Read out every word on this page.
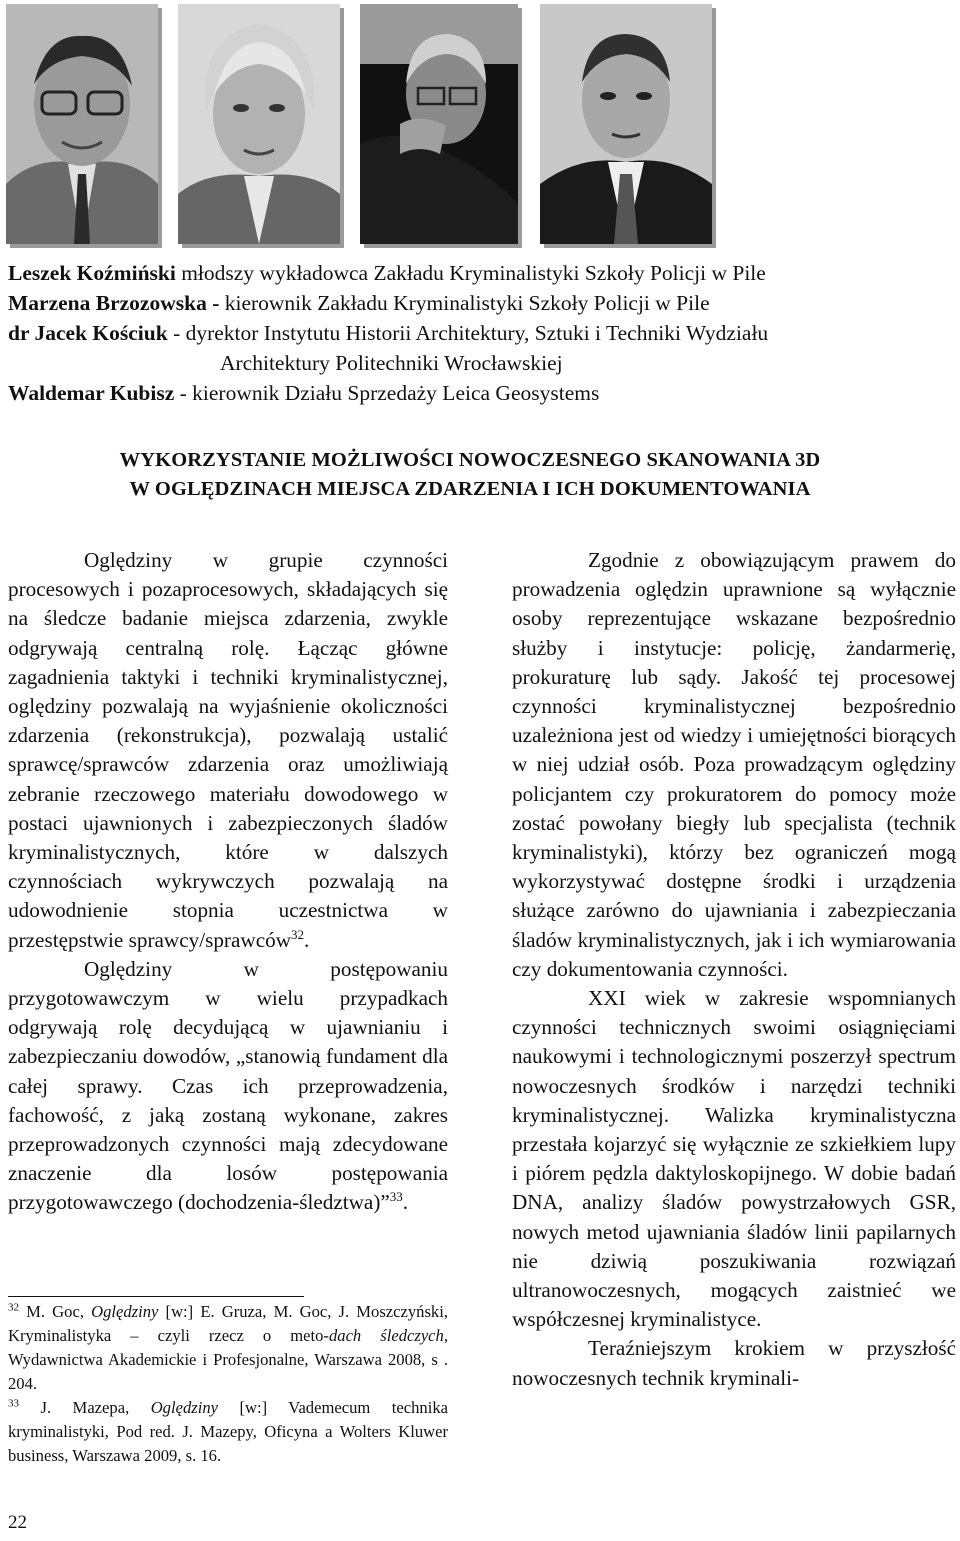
Leszek Koźmiński młodszy wykładowca Zakładu Kryminalistyki Szkoły Policji w Pile

Marzena Brzozowska - kierownik Zakładu Kryminalistyki Szkoły Policji w Pile

dr Jacek Kościuk - dyrektor Instytutu Historii Architektury, Sztuki i Techniki Wydziału

Architektury Politechniki Wrocławskiej

Waldemar Kubisz - kierownik Działu Sprzedaży Leica Geosystems

WYKORZYSTANIE MOŻLIWOŚCI NOWOCZESNEGO SKANOWANIA 3D
W OGLĘDZINACH MIEJSCA ZDARZENIA I ICH DOKUMENTOWANIA

Oględziny w grupie czynności procesowych i pozaprocesowych, składających się na śledcze badanie miejsca zdarzenia, zwykle odgrywają centralną rolę. Łącząc główne zagadnienia taktyki i techniki kryminalistycznej, oględziny pozwalają na wyjaśnienie okoliczności zdarzenia (rekonstrukcja), pozwalają ustalić sprawcę/sprawców zdarzenia oraz umożliwiają zebranie rzeczowego materiału dowodowego w postaci ujawnionych i zabezpieczonych śladów kryminalistycznych, które w dalszych czynnościach wykrywczych pozwalają na udowodnienie stopnia uczestnictwa w przestępstwie sprawcy/sprawców$^{32}$.

Oględziny w postępowaniu przygotowawczym w wielu przypadkach odgrywają rolę decydującą w ujawnianiu i zabezpieczaniu dowodów, „stanowią fundament dla całej sprawy. Czas ich przeprowadzenia, fachowość, z jaką zostaną wykonane, zakres przeprowadzonych czynności mają zdecydowane znaczenie dla losów postępowania przygotowawczego (dochodzenia-śledztwa)”$^{33}$.

$^{32}$ M. Goc, Oględziny [w:] E. Gruza, M. Goc, J. Moszczyński, Kryminalistyka – czyli rzecz o meto-dach śledczych, Wydawnictwa Akademickie i Profesjonalne, Warszawa 2008, s . 204.

$^{33}$ J. Mazepa, Oględziny [w:] Vademecum technika kryminalistyki, Pod red. J. Mazepy, Oficyna a Wolters Kluwer business, Warszawa 2009, s. 16.

Zgodnie z obowiązującym prawem do prowadzenia oględzin uprawnione są wyłącznie osoby reprezentujące wskazane bezpośrednio służby i instytucje: policję, żandarmerię, prokuraturę lub sądy. Jakość tej procesowej czynności kryminalistycznej bezpośrednio uzależniona jest od wiedzy i umiejętności biorących w niej udział osób. Poza prowadzącym oględziny policjantem czy prokuratorem do pomocy może zostać powołany biegły lub specjalista (technik kryminalistyki), którzy bez ograniczeń mogą wykorzystywać dostępne środki i urządzenia służące zarówno do ujawniania i zabezpieczania śladów kryminalistycznych, jak i ich wymiarowania czy dokumentowania czynności.

XXI wiek w zakresie wspomnianych czynności technicznych swoimi osiągnięciami naukowymi i technologicznymi poszerzył spectrum nowoczesnych środków i narzędzi techniki kryminalistycznej. Walizka kryminalistyczna przestała kojarzyć się wyłącznie ze szkiełkiem lupy i piórem pędzla daktyloskopijnego. W dobie badań DNA, analizy śladów powystrzałowych GSR, nowych metod ujawniania śladów linii papilarnych nie dziwią poszukiwania rozwiązań ultranowoczesnych, mogących zaistnieć we współczesnej kryminalistyce.

Teraźniejszym krokiem w przyszłość nowoczesnych technik kryminali-

22
